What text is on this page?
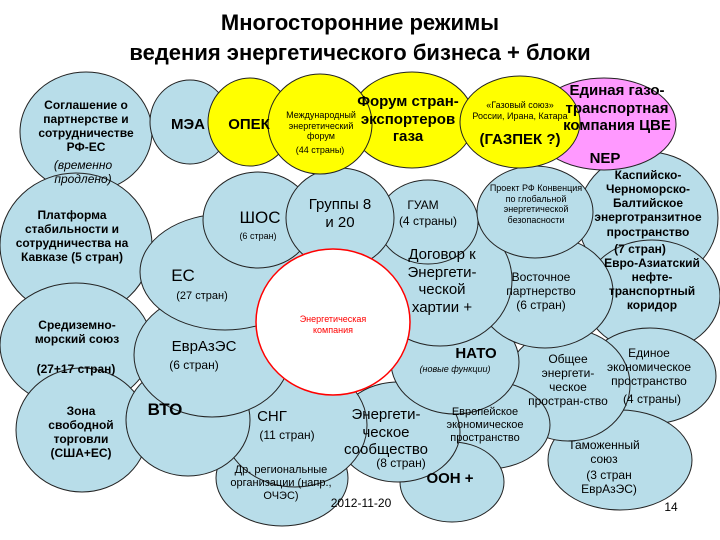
Многосторонние режимы
ведения энергетического бизнеса + блоки

Соглашение о партнерстве и сотрудничестве РФ-ЕС

(временно продлено)

Платформа стабильности и сотрудничества на Кавказе (5 стран)

Средиземно-морский союз

(27+17 стран)

Зона свободной торговли (США+ЕС)

МЭА ОПЕК

Международный энергетический форум

(44 страны)

Форум стран-экспортеров газа

«Газовый союз» России, Ирана, Катара

(ГАЗПЕК ?)

Единая газо-транспортная компания ЦВЕ

NEP

ШОС

(6 стран)

Группы 8 и 20

ГУАМ

(4 страны)

Проект РФ Конвенция по глобальной энергетической безопасности

Каспийско-Черноморско-Балтийское энерготранзитное пространство

(7 стран)

ЕС

(27 стран)

Договор к Энергети-ческой хартии +

Восточное партнерство

(6 стран)

Евро-Азиатский нефте-транспортный коридор

Энергетическая компания

ЕврАзЭС

(6 стран)

НАТО

(новые функции)

Общее энергети-ческое простран-ство

Единое экономическое пространство

(4 страны)

ВТО	СНГ

(11 стран)

Энергети-ческое сообщество

(8 стран)

Европейское экономическое пространство

Др. региональные организации (напр., ОЧЭС)

ООН +

Таможенный союз

(3 стран ЕврАзЭС)

2012-11-20	14
